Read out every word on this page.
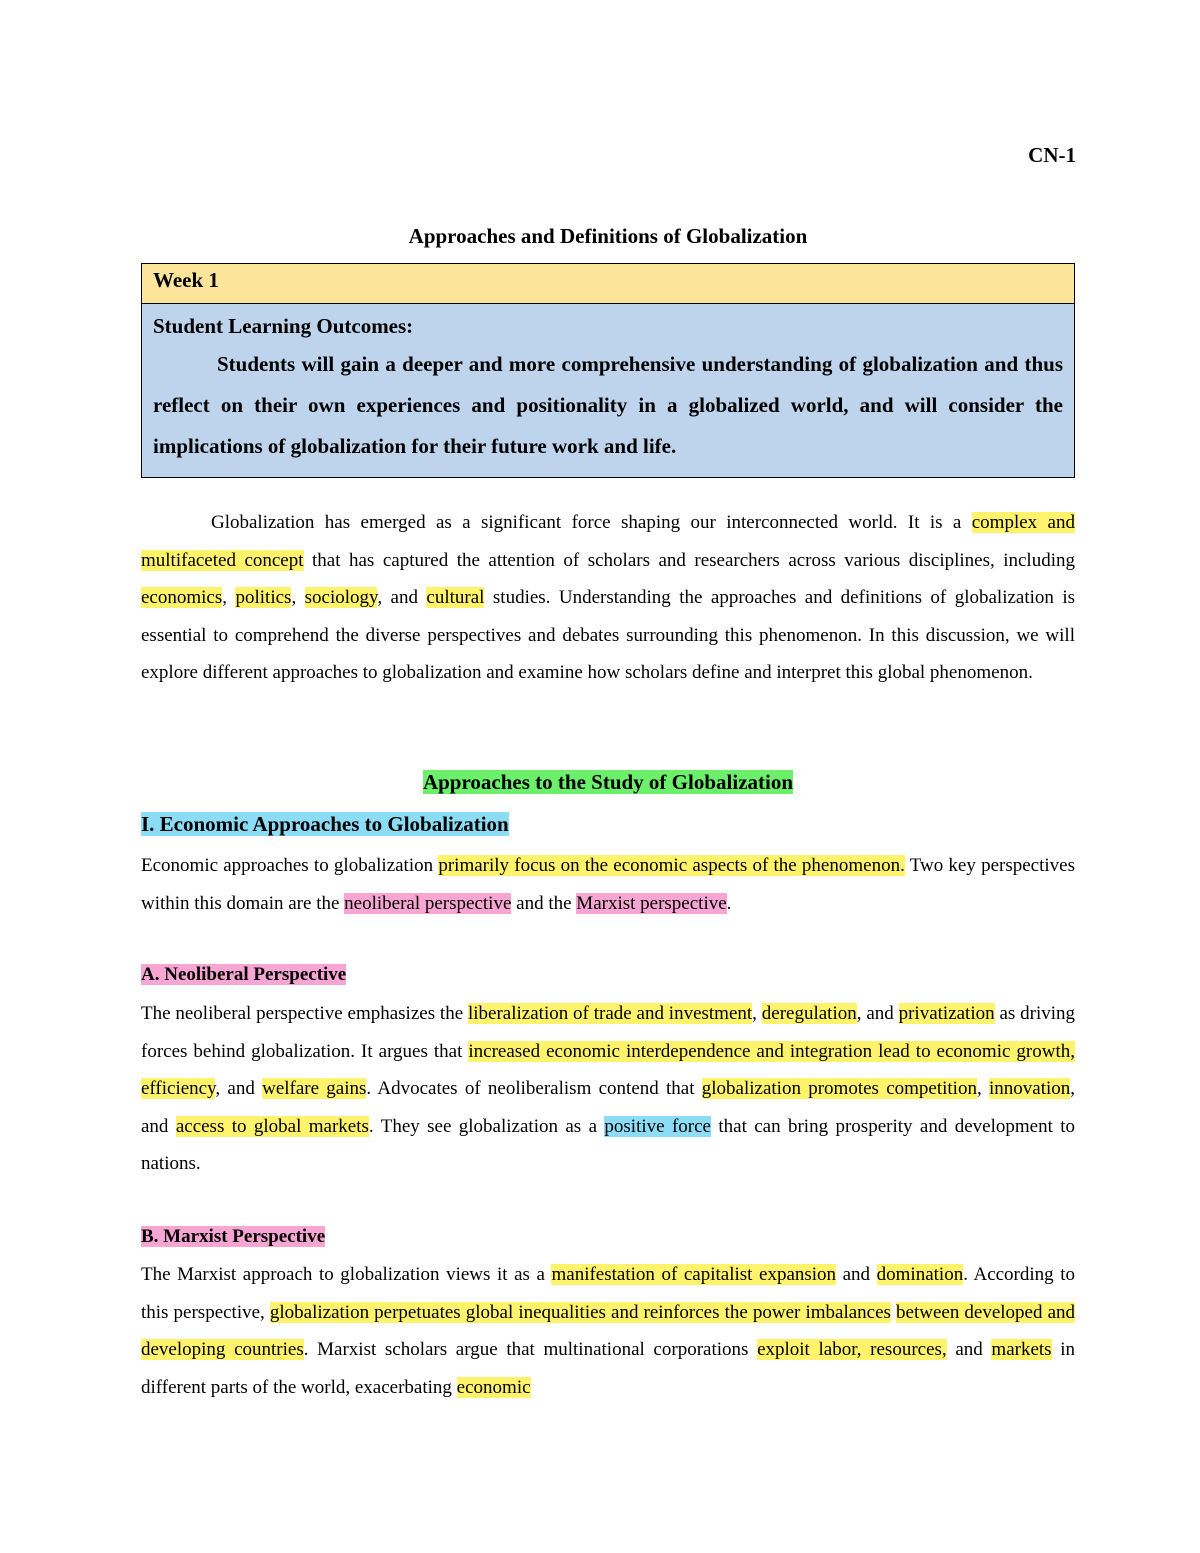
CN-1
Approaches and Definitions of Globalization
Week 1
Student Learning Outcomes:
Students will gain a deeper and more comprehensive understanding of globalization and thus reflect on their own experiences and positionality in a globalized world, and will consider the implications of globalization for their future work and life.
Globalization has emerged as a significant force shaping our interconnected world. It is a complex and multifaceted concept that has captured the attention of scholars and researchers across various disciplines, including economics, politics, sociology, and cultural studies. Understanding the approaches and definitions of globalization is essential to comprehend the diverse perspectives and debates surrounding this phenomenon. In this discussion, we will explore different approaches to globalization and examine how scholars define and interpret this global phenomenon.
Approaches to the Study of Globalization
I. Economic Approaches to Globalization
Economic approaches to globalization primarily focus on the economic aspects of the phenomenon. Two key perspectives within this domain are the neoliberal perspective and the Marxist perspective.
A. Neoliberal Perspective
The neoliberal perspective emphasizes the liberalization of trade and investment, deregulation, and privatization as driving forces behind globalization. It argues that increased economic interdependence and integration lead to economic growth, efficiency, and welfare gains. Advocates of neoliberalism contend that globalization promotes competition, innovation, and access to global markets. They see globalization as a positive force that can bring prosperity and development to nations.
B. Marxist Perspective
The Marxist approach to globalization views it as a manifestation of capitalist expansion and domination. According to this perspective, globalization perpetuates global inequalities and reinforces the power imbalances between developed and developing countries. Marxist scholars argue that multinational corporations exploit labor, resources, and markets in different parts of the world, exacerbating economic
